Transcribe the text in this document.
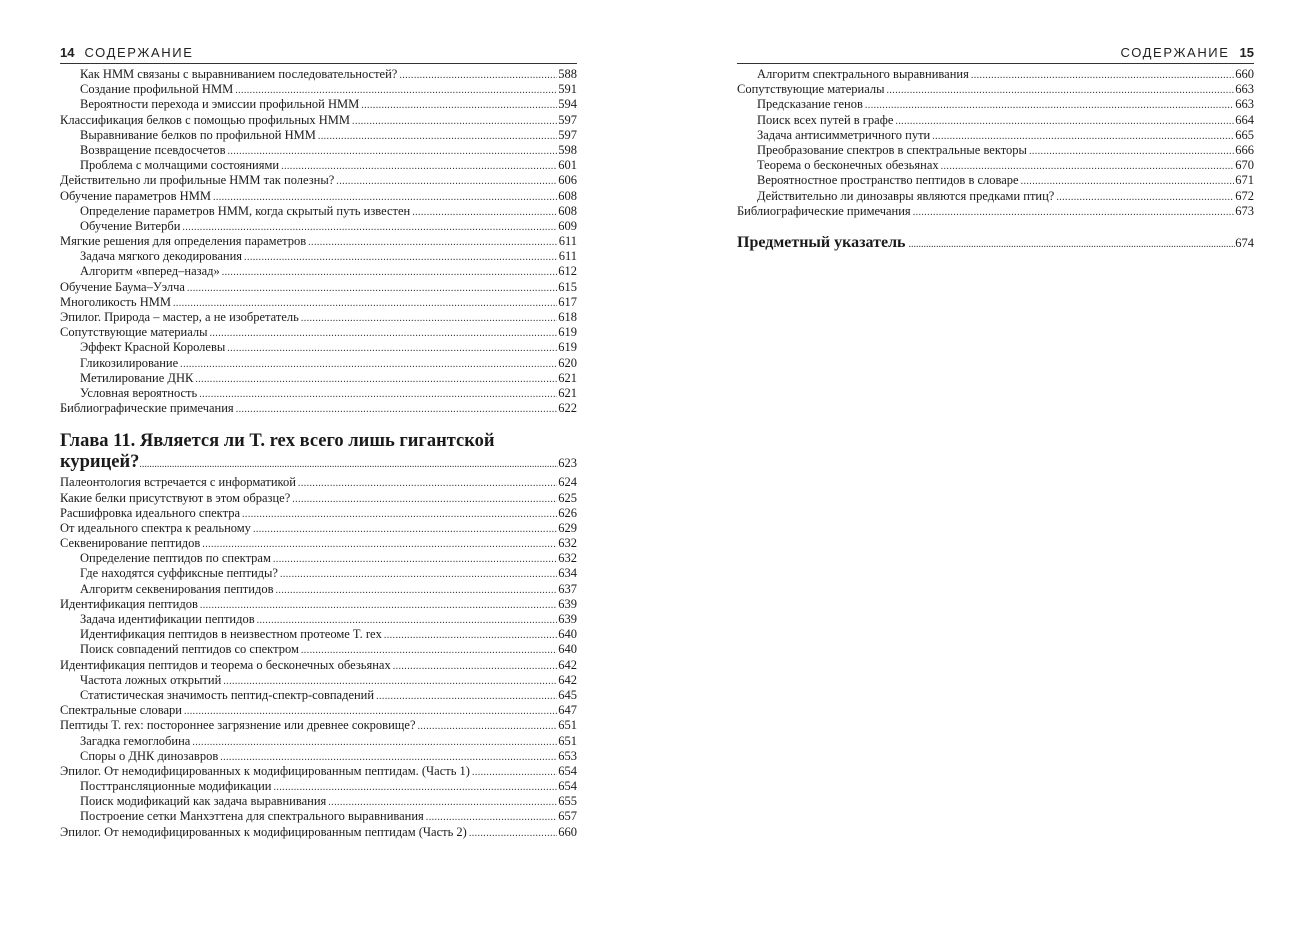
14 СОДЕРЖАНИЕ
Как HMM связаны с выравниванием последовательностей? .....	588
Создание профильной HMM .....	591
Вероятности перехода и эмиссии профильной HMM .....	594
Классификация белков с помощью профильных HMM .....	597
Выравнивание белков по профильной HMM .....	597
Возвращение псевдосчетов .....	598
Проблема с молчащими состояниями .....	601
Действительно ли профильные HMM так полезны? .....	606
Обучение параметров HMM .....	608
Определение параметров HMM, когда скрытый путь известен .....	608
Обучение Витерби .....	609
Мягкие решения для определения параметров .....	611
Задача мягкого декодирования .....	611
Алгоритм «вперед–назад» .....	612
Обучение Баума–Уэлча .....	615
Многоликость HMM .....	617
Эпилог. Природа – мастер, а не изобретатель .....	618
Сопутствующие материалы .....	619
Эффект Красной Королевы .....	619
Гликозилирование .....	620
Метилирование ДНК .....	621
Условная вероятность .....	621
Библиографические примечания .....	622
Глава 11. Является ли T. rex всего лишь гигантской
курицей? .....	623
Палеонтология встречается с информатикой .....	624
Какие белки присутствуют в этом образце? .....	625
Расшифровка идеального спектра .....	626
От идеального спектра к реальному .....	629
Секвенирование пептидов .....	632
Определение пептидов по спектрам .....	632
Где находятся суффиксные пептиды? .....	634
Алгоритм секвенирования пептидов .....	637
Идентификация пептидов .....	639
Задача идентификации пептидов .....	639
Идентификация пептидов в неизвестном протеоме T. rex .....	640
Поиск совпадений пептидов со спектром .....	640
Идентификация пептидов и теорема о бесконечных обезьянах .....	642
Частота ложных открытий .....	642
Статистическая значимость пептид-спектр-совпадений .....	645
Спектральные словари .....	647
Пептиды T. rex: постороннее загрязнение или древнее сокровище? .....	651
Загадка гемоглобина .....	651
Споры о ДНК динозавров .....	653
Эпилог. От немодифицированных к модифицированным пептидам. (Часть 1) .....	654
Посттрансляционные модификации .....	654
Поиск модификаций как задача выравнивания .....	655
Построение сетки Манхэттена для спектрального выравнивания .....	657
Эпилог. От немодифицированных к модифицированным пептидам (Часть 2) .....	660
СОДЕРЖАНИЕ 15
Алгоритм спектрального выравнивания .....	660
Сопутствующие материалы .....	663
Предсказание генов .....	663
Поиск всех путей в графе .....	664
Задача антисимметричного пути .....	665
Преобразование спектров в спектральные векторы .....	666
Теорема о бесконечных обезьянах .....	670
Вероятностное пространство пептидов в словаре .....	671
Действительно ли динозавры являются предками птиц? .....	672
Библиографические примечания .....	673
Предметный указатель .....	674
